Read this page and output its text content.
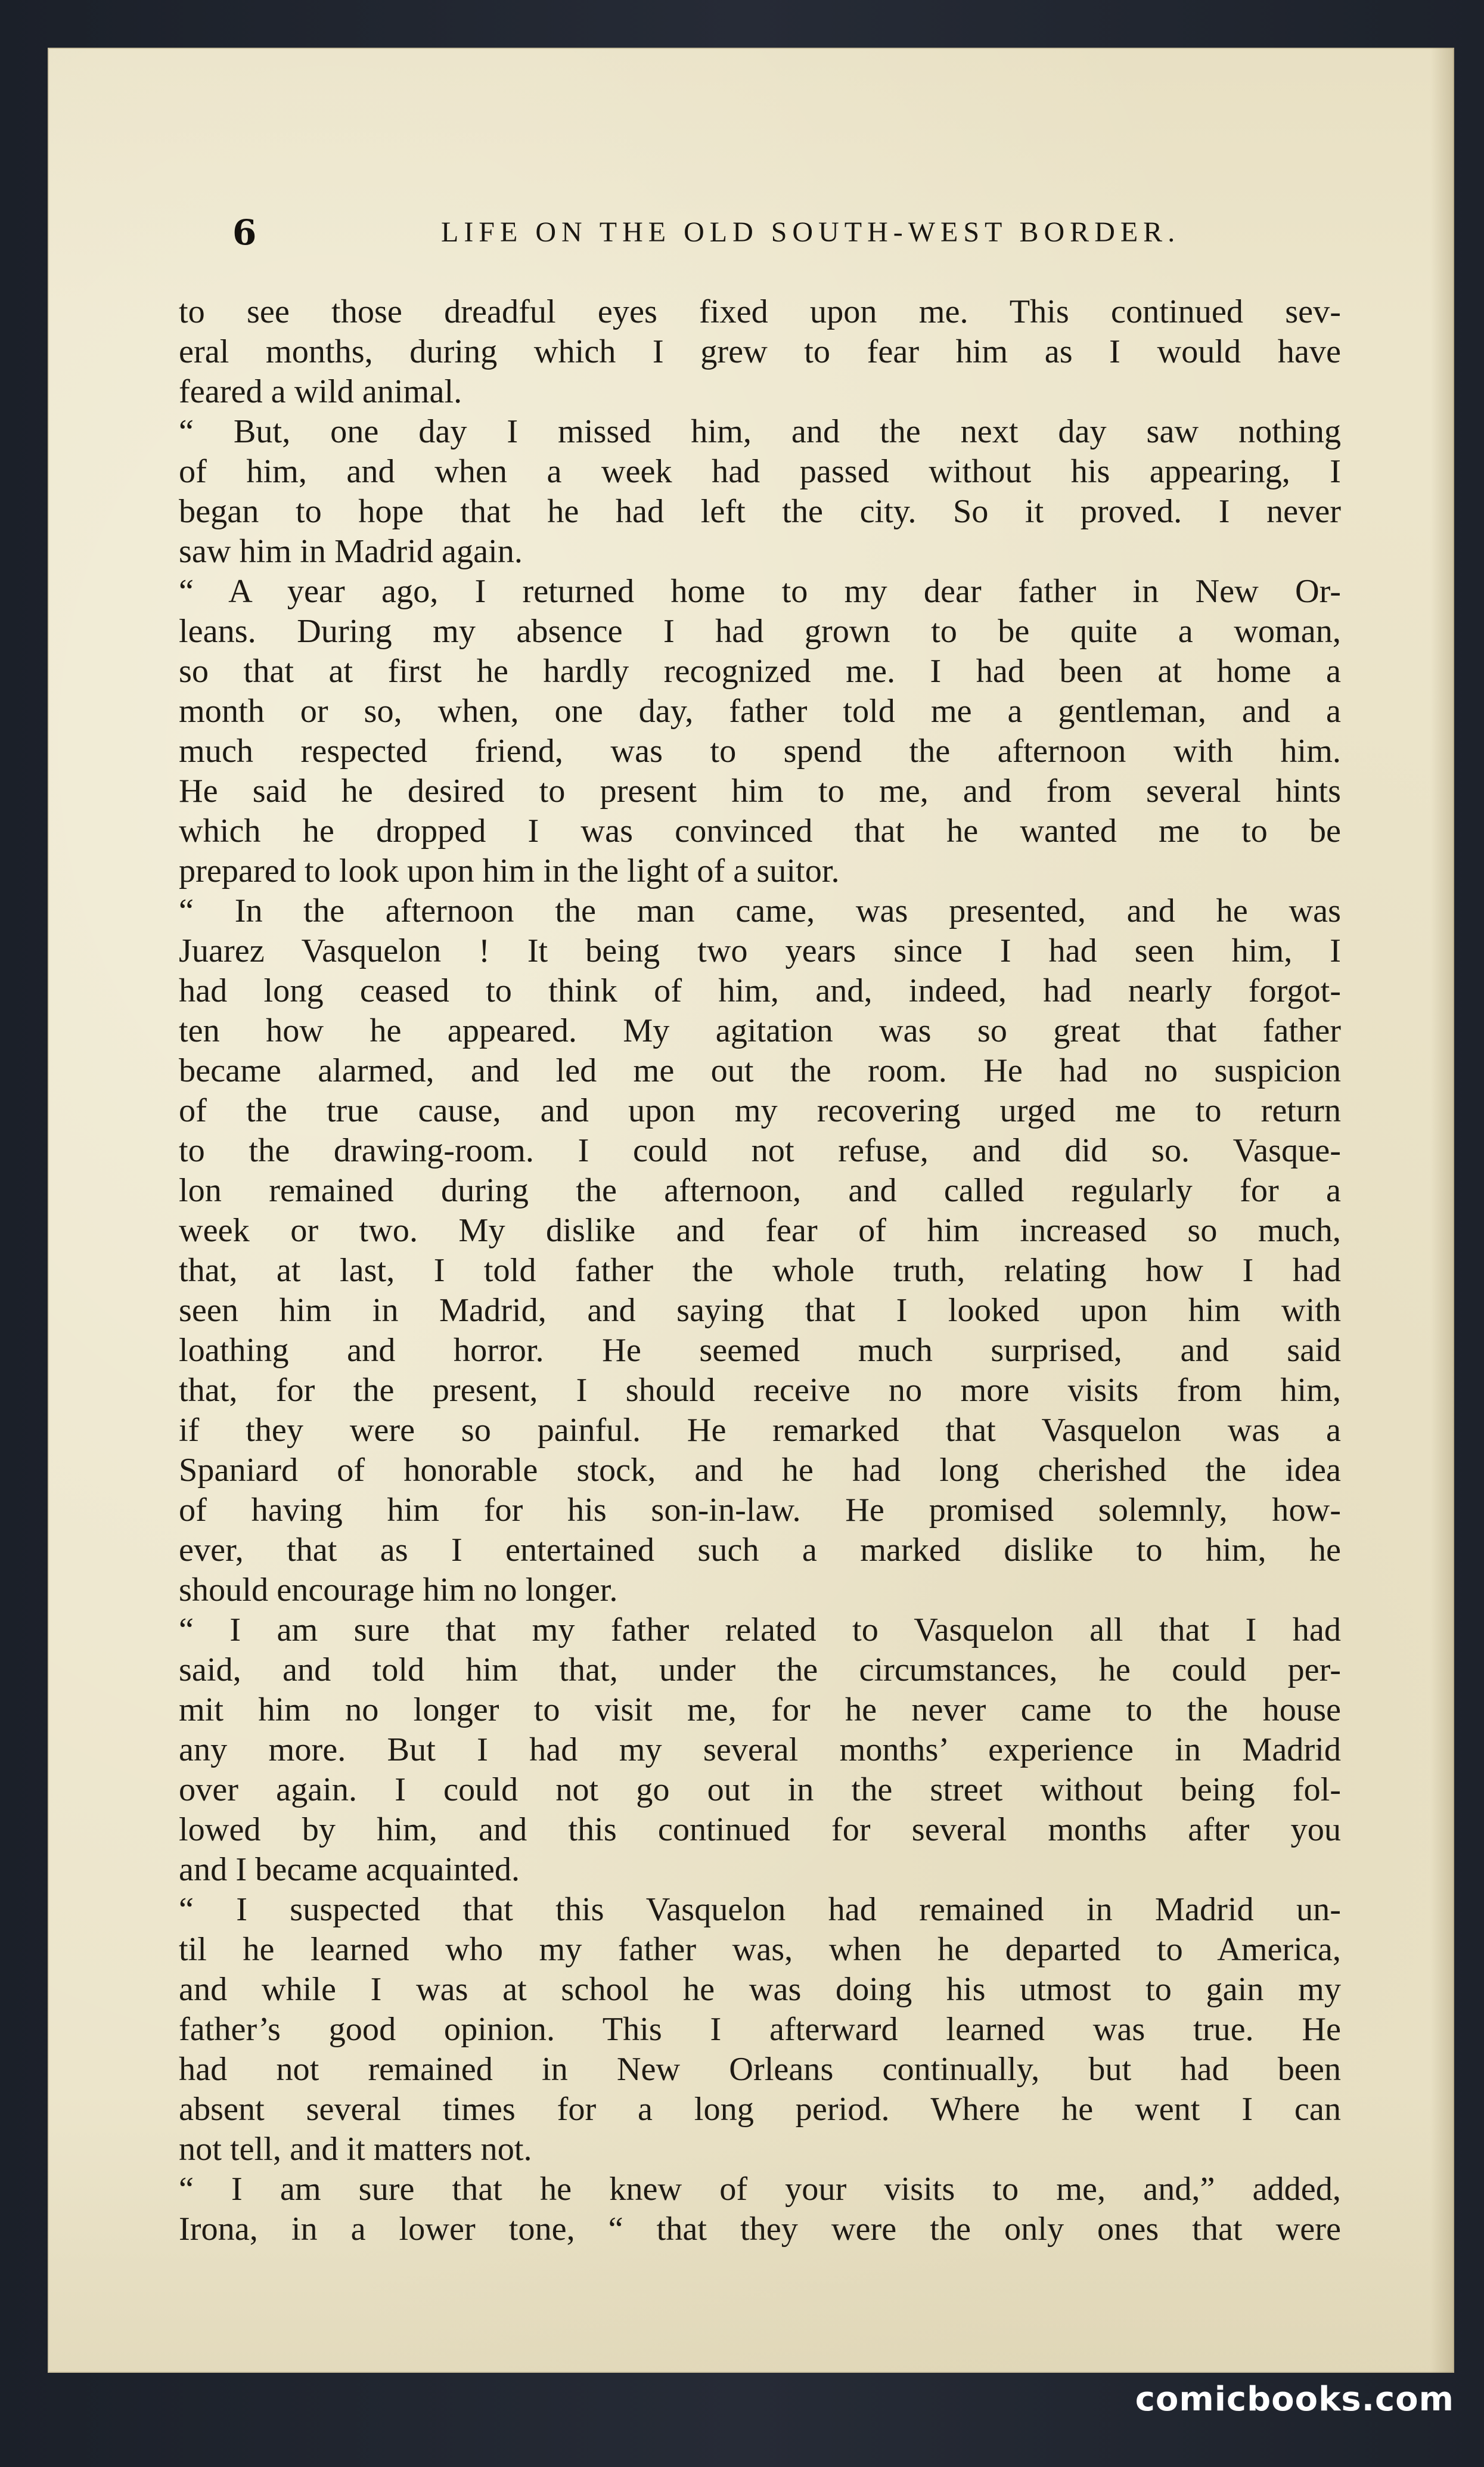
6	LIFE ON THE OLD SOUTH-WEST BORDER.
to see those dreadful eyes fixed upon me. This continued sev-
eral months, during which I grew to fear him as I would have
feared a wild animal.
“ But, one day I missed him, and the next day saw nothing
of him, and when a week had passed without his appearing, I
began to hope that he had left the city. So it proved. I never
saw him in Madrid again.
“ A year ago, I returned home to my dear father in New Or-
leans. During my absence I had grown to be quite a woman,
so that at first he hardly recognized me. I had been at home a
month or so, when, one day, father told me a gentleman, and a
much respected friend, was to spend the afternoon with him.
He said he desired to present him to me, and from several hints
which he dropped I was convinced that he wanted me to be
prepared to look upon him in the light of a suitor.
“ In the afternoon the man came, was presented, and he was
Juarez Vasquelon ! It being two years since I had seen him, I
had long ceased to think of him, and, indeed, had nearly forgot-
ten how he appeared. My agitation was so great that father
became alarmed, and led me out the room. He had no suspicion
of the true cause, and upon my recovering urged me to return
to the drawing-room. I could not refuse, and did so. Vasque-
lon remained during the afternoon, and called regularly for a
week or two. My dislike and fear of him increased so much,
that, at last, I told father the whole truth, relating how I had
seen him in Madrid, and saying that I looked upon him with
loathing and horror. He seemed much surprised, and said
that, for the present, I should receive no more visits from him,
if they were so painful. He remarked that Vasquelon was a
Spaniard of honorable stock, and he had long cherished the idea
of having him for his son-in-law. He promised solemnly, how-
ever, that as I entertained such a marked dislike to him, he
should encourage him no longer.
“ I am sure that my father related to Vasquelon all that I had
said, and told him that, under the circumstances, he could per-
mit him no longer to visit me, for he never came to the house
any more. But I had my several months’ experience in Madrid
over again. I could not go out in the street without being fol-
lowed by him, and this continued for several months after you
and I became acquainted.
“ I suspected that this Vasquelon had remained in Madrid un-
til he learned who my father was, when he departed to America,
and while I was at school he was doing his utmost to gain my
father’s good opinion. This I afterward learned was true. He
had not remained in New Orleans continually, but had been
absent several times for a long period. Where he went I can
not tell, and it matters not.
“ I am sure that he knew of your visits to me, and,” added,
Irona, in a lower tone, “ that they were the only ones that were
comicbooks.com
